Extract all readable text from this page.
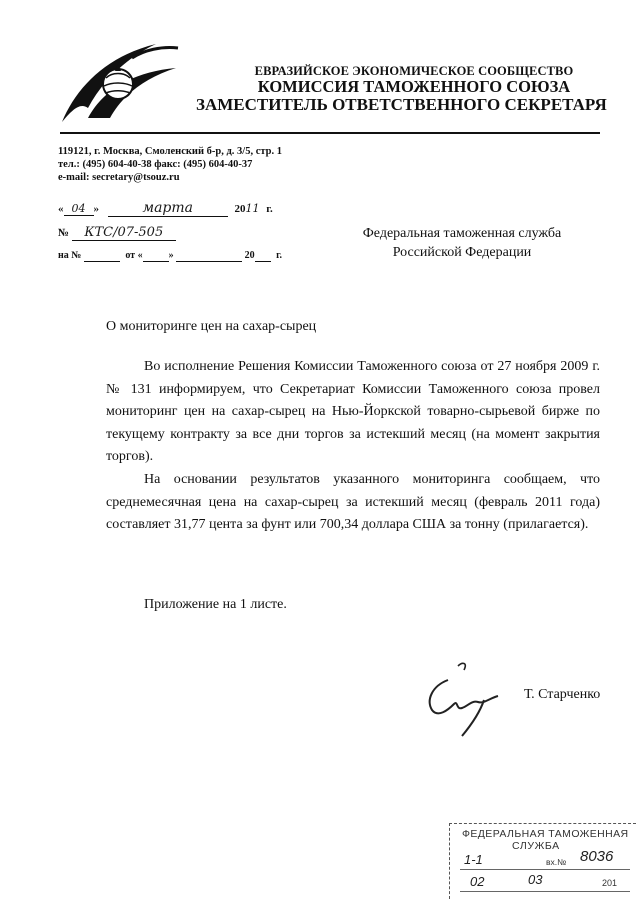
ЕВРАЗИЙСКОЕ ЭКОНОМИЧЕСКОЕ СООБЩЕСТВО
КОМИССИЯ ТАМОЖЕННОГО СОЮЗА
ЗАМЕСТИТЕЛЬ ОТВЕТСТВЕННОГО СЕКРЕТАРЯ
119121, г. Москва, Смоленский б-р, д. 3/5, стр. 1
тел.: (495) 604-40-38 факс: (495) 604-40-37
e-mail: secretary@tsouz.ru
« 04 »	марта	2011 г.
№ КТС/07-505
на №	от «	»	20 г.
Федеральная таможенная служба
Российской Федерации
О мониторинге цен на сахар-сырец
Во исполнение Решения Комиссии Таможенного союза от 27 ноября 2009 г. № 131 информируем, что Секретариат Комиссии Таможенного союза провел мониторинг цен на сахар-сырец на Нью-Йоркской товарно-сырьевой бирже по текущему контракту за все дни торгов за истекший месяц (на момент закрытия торгов).
На основании результатов указанного мониторинга сообщаем, что среднемесячная цена на сахар-сырец за истекший месяц (февраль 2011 года) составляет 31,77 цента за фунт или 700,34 доллара США за тонну (прилагается).
Приложение на 1 листе.
Т. Старченко
ФЕДЕРАЛЬНАЯ ТАМОЖЕННАЯ
СЛУЖБА
1-1	вх.№ 8036
02	03	201
